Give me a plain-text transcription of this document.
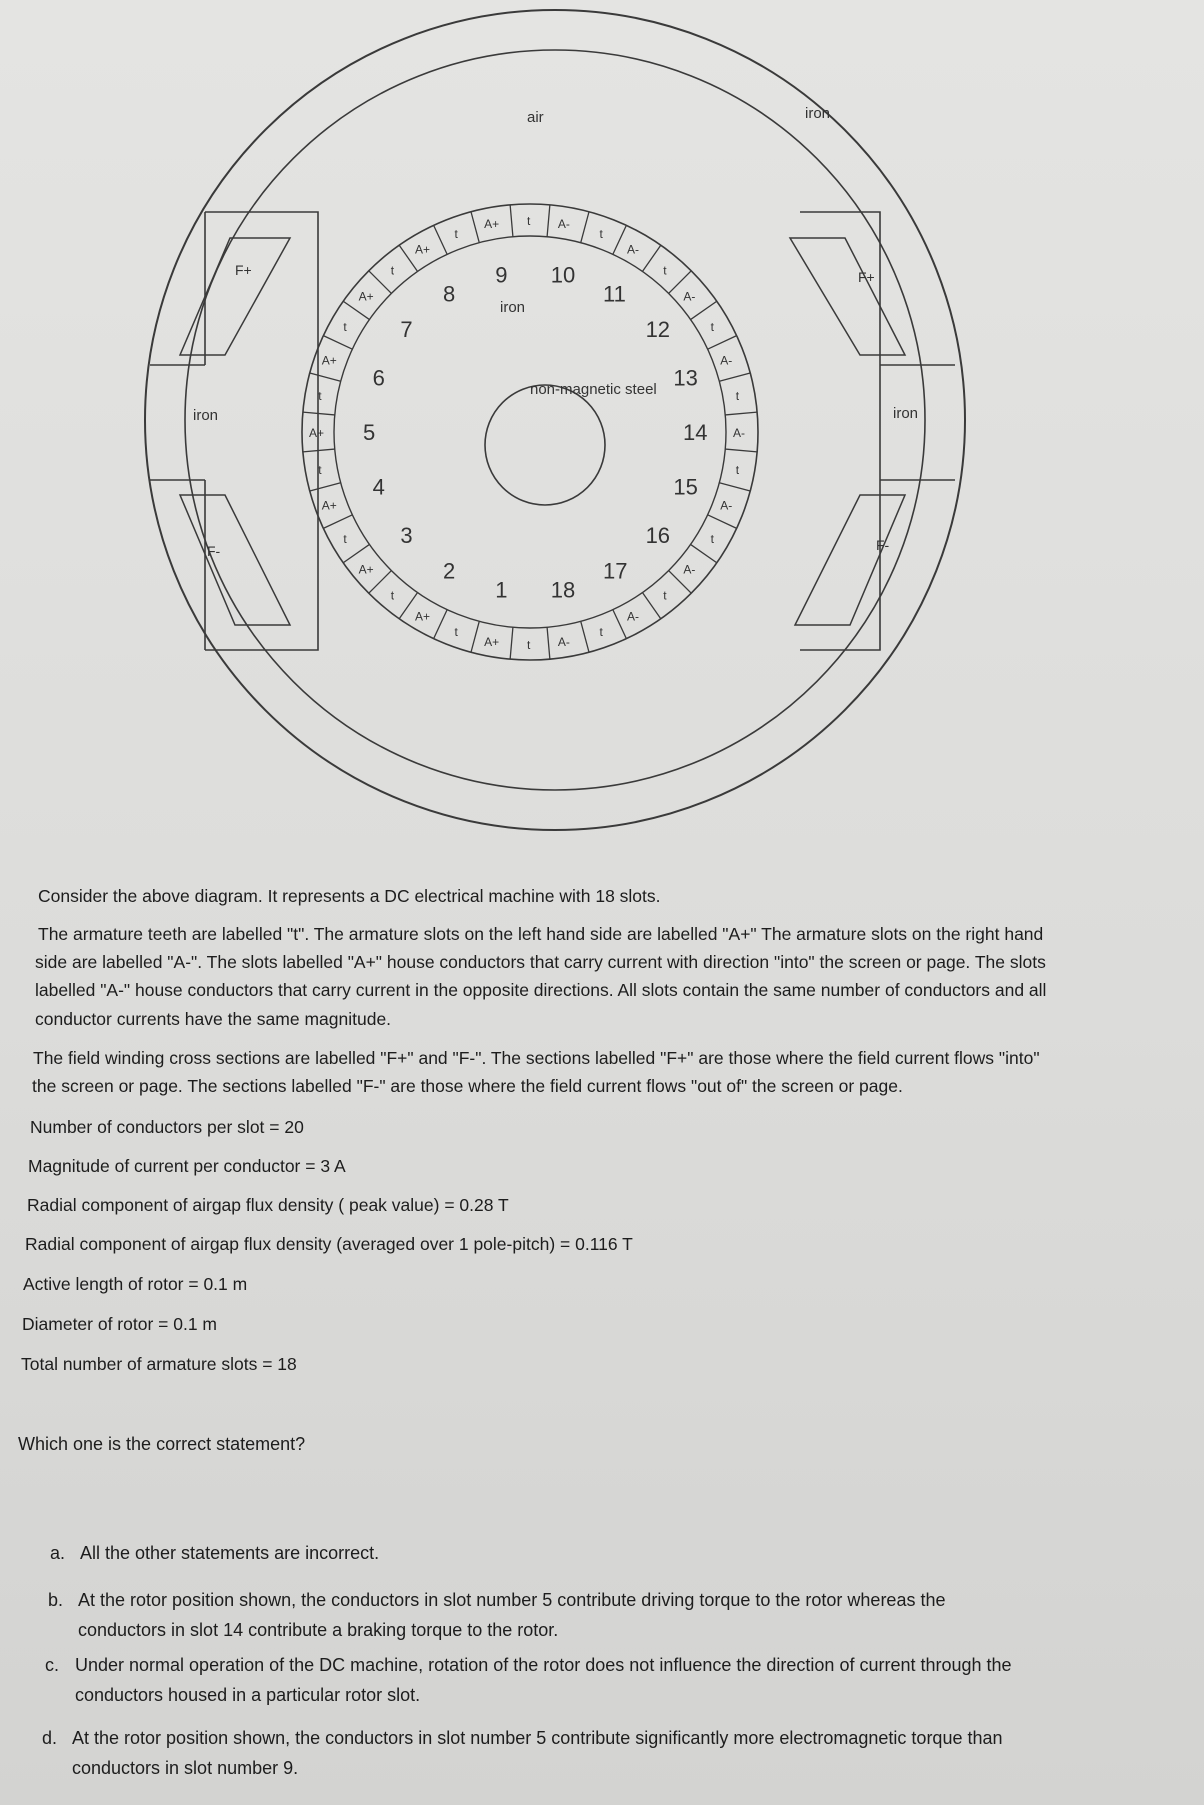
A+
t
1
A+
t
2
A+
t 3
A+
t
4
A+
t
5
A+
t
6
A+
t
7
A+
t
8
A+ t
9
A-
t
10
A-
t
11	A-
t
12
A-
t
13
A-
t
14
A-
t
15
A-
t
16
A-
t
17
A-
t
18
air	iron
iron	iron
iron
non-magnetic steel
F+	F+
F-	F-
Consider the above diagram. It represents a DC electrical machine with 18 slots.
The armature teeth are labelled "t". The armature slots on the left hand side are labelled "A+" The armature slots on the right hand
side are labelled "A-". The slots labelled "A+" house conductors that carry current with direction "into" the screen or page. The slots
labelled "A-" house conductors that carry current in the opposite directions. All slots contain the same number of conductors and all
conductor currents have the same magnitude.
The field winding cross sections are labelled "F+" and "F-". The sections labelled "F+" are those where the field current flows "into"
the screen or page. The sections labelled "F-" are those where the field current flows "out of" the screen or page.
Number of conductors per slot = 20
Magnitude of current per conductor = 3 A
Radial component of airgap flux density ( peak value) = 0.28 T
Radial component of airgap flux density (averaged over 1 pole-pitch) = 0.116 T
Active length of rotor = 0.1 m
Diameter of rotor = 0.1 m
Total number of armature slots = 18
Which one is the correct statement?
a. All the other statements are incorrect.
b. At the rotor position shown, the conductors in slot number 5 contribute driving torque to the rotor whereas the
conductors in slot 14 contribute a braking torque to the rotor.
c. Under normal operation of the DC machine, rotation of the rotor does not influence the direction of current through the
conductors housed in a particular rotor slot.
d. At the rotor position shown, the conductors in slot number 5 contribute significantly more electromagnetic torque than
conductors in slot number 9.
